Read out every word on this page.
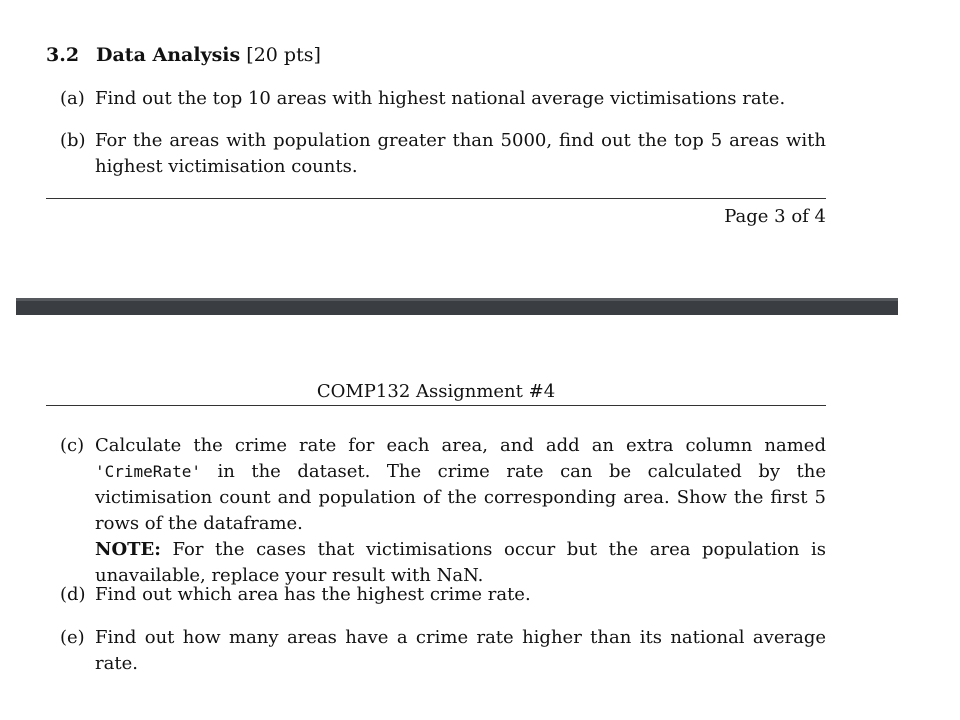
3.2 Data Analysis [20 pts]
(a) Find out the top 10 areas with highest national average victimisations rate.
(b) For the areas with population greater than 5000, find out the top 5 areas with highest victimisation counts.
Page 3 of 4
COMP132 Assignment #4
(c) Calculate the crime rate for each area, and add an extra column named 'CrimeRate' in the dataset. The crime rate can be calculated by the victimisation count and population of the corresponding area. Show the first 5 rows of the dataframe.
NOTE: For the cases that victimisations occur but the area population is unavailable, replace your result with NaN.
(d) Find out which area has the highest crime rate.
(e) Find out how many areas have a crime rate higher than its national average rate.
